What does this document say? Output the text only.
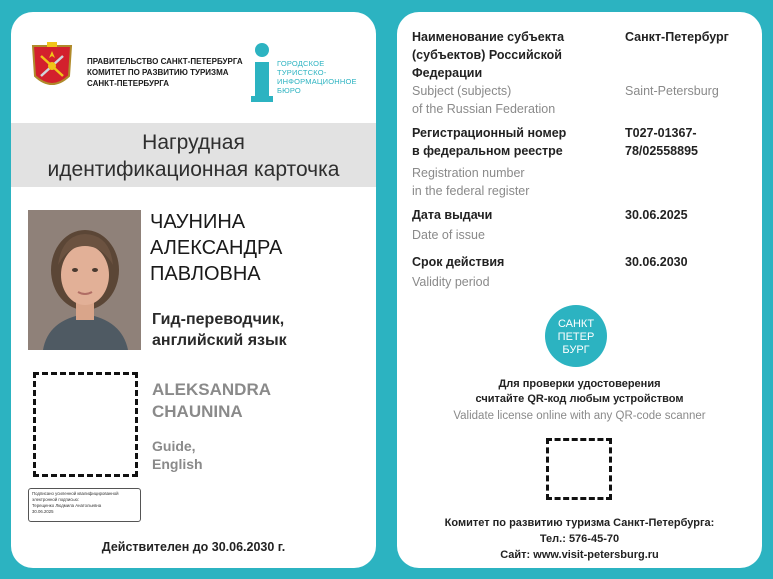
ПРАВИТЕЛЬСТВО САНКТ-ПЕТЕРБУРГА
КОМИТЕТ ПО РАЗВИТИЮ ТУРИЗМА
САНКТ-ПЕТЕРБУРГА
ГОРОДСКОЕ
ТУРИСТСКО-
ИНФОРМАЦИОННОЕ
БЮРО
Нагрудная
идентификационная карточка
ЧАУНИНА
АЛЕКСАНДРА
ПАВЛОВНА
Гид-переводчик,
английский язык
ALEKSANDRA
CHAUNINA
Guide,
English
Подписано усиленной квалифицированной
электронной подписью:
Терещенко Людмила Анатольевна
30.06.2025
Действителен до 30.06.2030 г.
Наименование субъекта
(субъектов) Российской
Федерации
Санкт-Петербург
Subject (subjects)
of the Russian Federation
Saint-Petersburg
Регистрационный номер
в федеральном реестре
T027-01367-
78/02558895
Registration number
in the federal register
Дата выдачи	30.06.2025
Date of issue
Срок действия	30.06.2030
Validity period
САНКТ
ПЕТЕР
БУРГ
Для проверки удостоверения
считайте QR-код любым устройством
Validate license online with any QR-code scanner
Комитет по развитию туризма Санкт-Петербурга:
Тел.: 576-45-70
Сайт: www.visit-petersburg.ru
